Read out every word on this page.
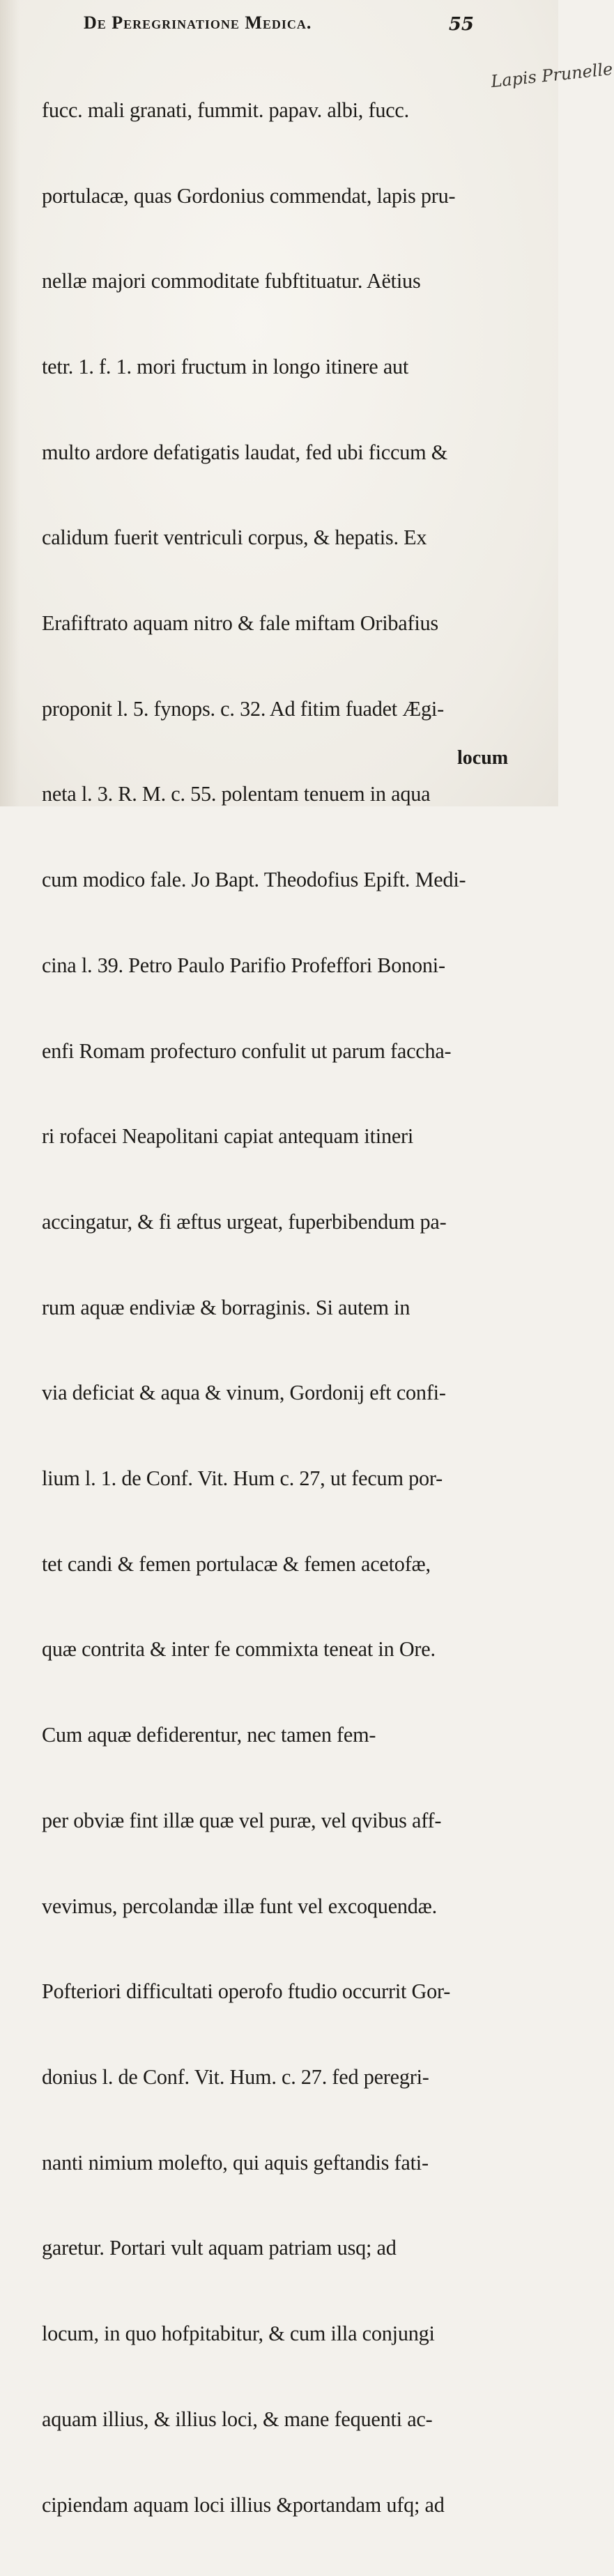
De Peregrinatione Medica.	55
Lapis Prunelle

fucc. mali granati, fummit. papav. albi, fucc.

portulacæ, quas Gordonius commendat, lapis pru-

nellæ majori commoditate fubftituatur. Aëtius

tetr. 1. f. 1. mori fructum in longo itinere aut

multo ardore defatigatis laudat, fed ubi ficcum &

calidum fuerit ventriculi corpus, & hepatis. Ex

Erafiftrato aquam nitro & fale miftam Oribafius

proponit l. 5. fynops. c. 32. Ad fitim fuadet Ægi-

neta l. 3. R. M. c. 55. polentam tenuem in aqua

cum modico fale. Jo Bapt. Theodofius Epift. Medi-

cina l. 39. Petro Paulo Parifio Profeffori Bononi-

enfi Romam profecturo confulit ut parum faccha-

ri rofacei Neapolitani capiat antequam itineri

accingatur, & fi æftus urgeat, fuperbibendum pa-

rum aquæ endiviæ & borraginis. Si autem in

via deficiat & aqua & vinum, Gordonij eft confi-

lium l. 1. de Conf. Vit. Hum c. 27, ut fecum por-

tet candi & femen portulacæ & femen acetofæ,

quæ contrita & inter fe commixta teneat in Ore.

Cum aquæ defiderentur, nec tamen fem-

per obviæ fint illæ quæ vel puræ, vel qvibus aff-

vevimus, percolandæ illæ funt vel excoquendæ.

Pofteriori difficultati operofo ftudio occurrit Gor-

donius l. de Conf. Vit. Hum. c. 27. fed peregri-

nanti nimium molefto, qui aquis geftandis fati-

garetur. Portari vult aquam patriam usq; ad

locum, in quo hofpitabitur, & cum illa conjungi

aquam illius, & illius loci, & mane fequenti ac-

cipiendam aquam loci illius &portandam ufq; ad

locum
